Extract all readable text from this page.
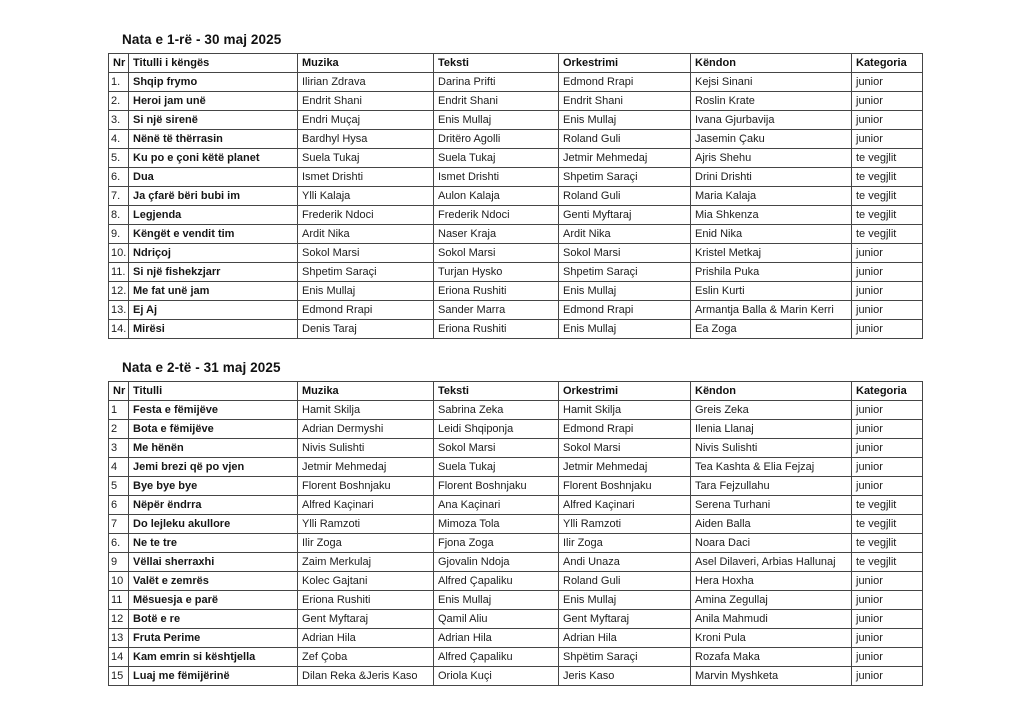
Nata e 1-rë - 30 maj 2025
Nr	Titulli i këngës	Muzika	Teksti	Orkestrimi	Këndon	Kategoria
1.	Shqip frymo	Ilirian Zdrava	Darina Prifti	Edmond Rrapi	Kejsi Sinani	junior
2.	Heroi jam unë	Endrit Shani	Endrit Shani	Endrit Shani	Roslin Krate	junior
3.	Si një sirenë	Endri Muçaj	Enis Mullaj	Enis Mullaj	Ivana Gjurbavija	junior
4.	Nënë të thërrasin	Bardhyl Hysa	Dritëro Agolli	Roland Guli	Jasemin Çaku	junior
5.	Ku po e çoni këtë planet	Suela Tukaj	Suela Tukaj	Jetmir Mehmedaj	Ajris Shehu	te vegjlit
6.	Dua	Ismet Drishti	Ismet Drishti	Shpetim Saraçi	Drini Drishti	te vegjlit
7.	Ja çfarë bëri bubi im	Ylli Kalaja	Aulon Kalaja	Roland Guli	Maria Kalaja	te vegjlit
8.	Legjenda	Frederik Ndoci	Frederik Ndoci	Genti Myftaraj	Mia Shkenza	te vegjlit
9.	Këngët e vendit tim	Ardit Nika	Naser Kraja	Ardit Nika	Enid Nika	te vegjlit
10.	Ndriçoj	Sokol Marsi	Sokol Marsi	Sokol Marsi	Kristel Metkaj	junior
11.	Si një fishekzjarr	Shpetim Saraçi	Turjan Hysko	Shpetim Saraçi	Prishila Puka	junior
12.	Me fat unë jam	Enis Mullaj	Eriona Rushiti	Enis Mullaj	Eslin Kurti	junior
13.	Ej Aj	Edmond Rrapi	Sander Marra	Edmond Rrapi	Armantja Balla & Marin Kerri	junior
14.	Mirësi	Denis Taraj	Eriona Rushiti	Enis Mullaj	Ea Zoga	junior
Nata e 2-të - 31 maj 2025
Nr	Titulli	Muzika	Teksti	Orkestrimi	Këndon	Kategoria
1	Festa e fëmijëve	Hamit Skilja	Sabrina Zeka	Hamit Skilja	Greis Zeka	junior
2	Bota e fëmijëve	Adrian Dermyshi	Leidi Shqiponja	Edmond Rrapi	Ilenia Llanaj	junior
3	Me hënën	Nivis Sulishti	Sokol Marsi	Sokol Marsi	Nivis Sulishti	junior
4	Jemi brezi që po vjen	Jetmir Mehmedaj	Suela Tukaj	Jetmir Mehmedaj	Tea Kashta & Elia Fejzaj	junior
5	Bye bye bye	Florent Boshnjaku	Florent Boshnjaku	Florent Boshnjaku	Tara Fejzullahu	junior
6	Nëpër ëndrra	Alfred Kaçinari	Ana Kaçinari	Alfred Kaçinari	Serena Turhani	te vegjlit
7	Do lejleku akullore	Ylli Ramzoti	Mimoza Tola	Ylli Ramzoti	Aiden Balla	te vegjlit
6.	Ne te tre	Ilir Zoga	Fjona Zoga	Ilir Zoga	Noara Daci	te vegjlit
9	Vëllai sherraxhi	Zaim Merkulaj	Gjovalin Ndoja	Andi Unaza	Asel Dilaveri, Arbias Hallunaj	te vegjlit
10	Valët e zemrës	Kolec Gajtani	Alfred Çapaliku	Roland Guli	Hera Hoxha	junior
11	Mësuesja e parë	Eriona Rushiti	Enis Mullaj	Enis Mullaj	Amina Zegullaj	junior
12	Botë e re	Gent Myftaraj	Qamil Aliu	Gent Myftaraj	Anila Mahmudi	junior
13	Fruta Perime	Adrian Hila	Adrian Hila	Adrian Hila	Kroni Pula	junior
14	Kam emrin si kështjella	Zef Çoba	Alfred Çapaliku	Shpëtim Saraçi	Rozafa Maka	junior
15	Luaj me fëmijërinë	Dilan Reka &Jeris Kaso	Oriola Kuçi	Jeris Kaso	Marvin Myshketa	junior
